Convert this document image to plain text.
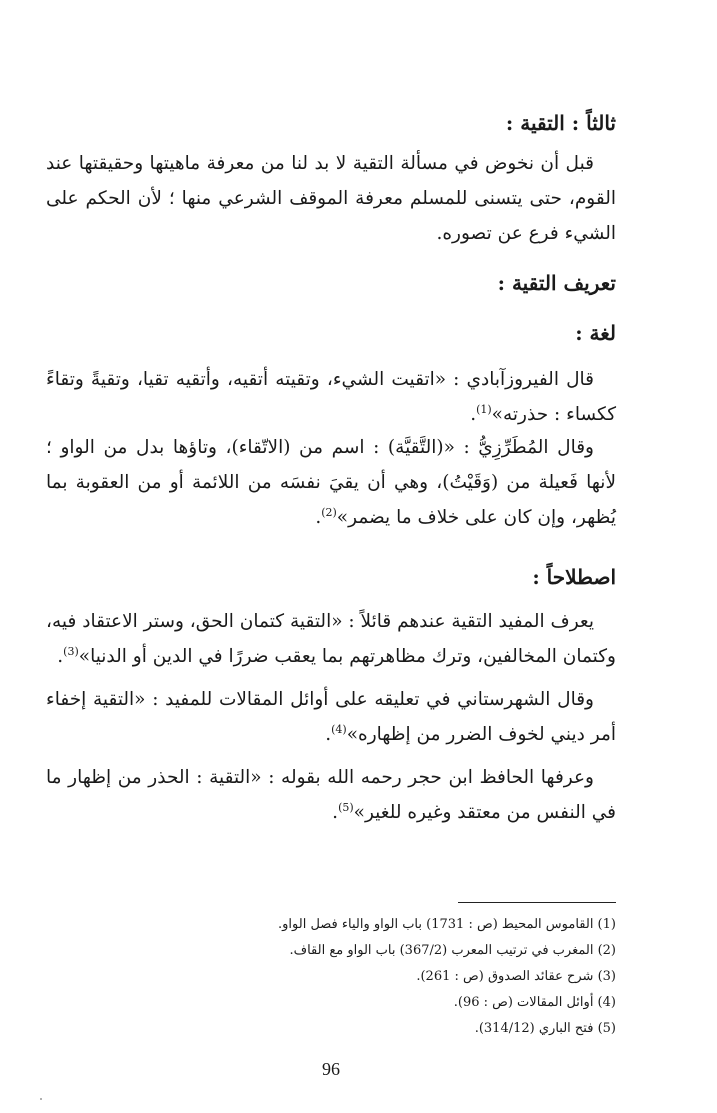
ثالثاً : التقية :
قبل أن نخوض في مسألة التقية لا بد لنا من معرفة ماهيتها وحقيقتها عند القوم، حتى يتسنى للمسلم معرفة الموقف الشرعي منها ؛ لأن الحكم على الشيء فرع عن تصوره.
تعريف التقية :
لغة :
قال الفيروزآبادي : «اتقيت الشيء، وتقيته أتقيه، وأتقيه تقيا، وتقيةً وتقاءً ككساء : حذرته»$^{(1)}$.
وقال المُطَرِّزِيُّ : «(التَّقيَّة) : اسم من (الاتّقاء)، وتاؤها بدل من الواو ؛ لأنها فَعيلة من (وَقَيْتُ)، وهي أن يقيَ نفسَه من اللائمة أو من العقوبة بما يُظهر، وإن كان على خلاف ما يضمر»$^{(2)}$.
اصطلاحاً :
يعرف المفيد التقية عندهم قائلاً : «التقية كتمان الحق، وستر الاعتقاد فيه، وكتمان المخالفين، وترك مظاهرتهم بما يعقب ضررًا في الدين أو الدنيا»$^{(3)}$.
وقال الشهرستاني في تعليقه على أوائل المقالات للمفيد : «التقية إخفاء أمر ديني لخوف الضرر من إظهاره»$^{(4)}$.
وعرفها الحافظ ابن حجر رحمه الله بقوله : «التقية : الحذر من إظهار ما في النفس من معتقد وغيره للغير»$^{(5)}$.
(1) القاموس المحيط (ص : 1731) باب الواو والياء فصل الواو.
(2) المغرب في ترتيب المعرب (367/2) باب الواو مع القاف.
(3) شرح عقائد الصدوق (ص : 261).
(4) أوائل المقالات (ص : 96).
(5) فتح الباري (314/12).
96
